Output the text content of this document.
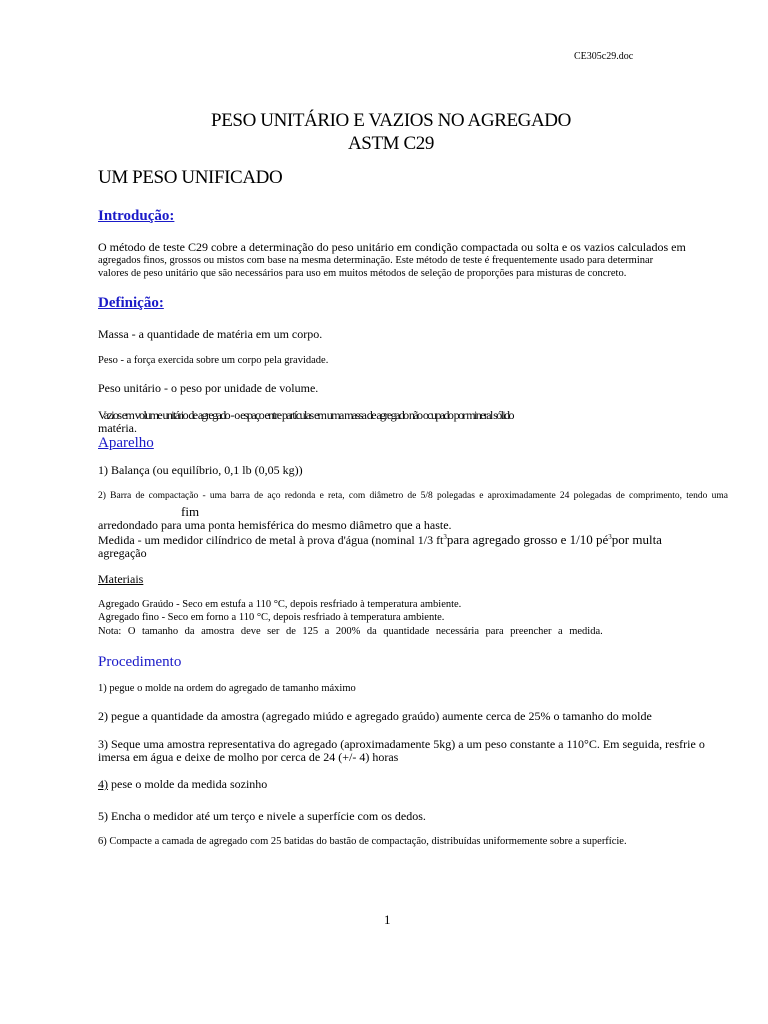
CE305c29.doc
PESO UNITÁRIO E VAZIOS NO AGREGADO
ASTM C29
UM PESO UNIFICADO
Introdução:
O método de teste C29 cobre a determinação do peso unitário em condição compactada ou solta e os vazios calculados em
agregados finos, grossos ou mistos com base na mesma determinação. Este método de teste é frequentemente usado para determinar
valores de peso unitário que são necessários para uso em muitos métodos de seleção de proporções para misturas de concreto.
Definição:
Massa - a quantidade de matéria em um corpo.
Peso - a força exercida sobre um corpo pela gravidade.
Peso unitário - o peso por unidade de volume.
Vazios em volume unitário de agregado - o espaço entre partículas em uma massa de agregado não ocupado por mineral sólido
matéria.
Aparelho
1) Balança (ou equilíbrio, 0,1 lb (0,05 kg))
2) Barra de compactação - uma barra de aço redonda e reta, com diâmetro de 5/8 polegadas e aproximadamente 24 polegadas de comprimento, tendo uma
fim
arredondado para uma ponta hemisférica do mesmo diâmetro que a haste.
Medida - um medidor cilíndrico de metal à prova d'água (nominal 1/3 $ft^3para$ agregado grosso e 1/10 $pé^3por$ multa
agregação
Materiais
Agregado Graúdo - Seco em estufa a 110 °C, depois resfriado à temperatura ambiente.
Agregado fino - Seco em forno a 110 °C, depois resfriado à temperatura ambiente.
Nota: O tamanho da amostra deve ser de 125 a 200% da quantidade necessária para preencher a medida.
Procedimento
1) pegue o molde na ordem do agregado de tamanho máximo
2) pegue a quantidade da amostra (agregado miúdo e agregado graúdo) aumente cerca de 25% o tamanho do molde
3) Seque uma amostra representativa do agregado (aproximadamente 5kg) a um peso constante a 110°C. Em seguida, resfrie o
imersa em água e deixe de molho por cerca de 24 (+/- 4) horas
4) pese o molde da medida sozinho
5) Encha o medidor até um terço e nivele a superfície com os dedos.
6) Compacte a camada de agregado com 25 batidas do bastão de compactação, distribuídas uniformemente sobre a superfície.
1
